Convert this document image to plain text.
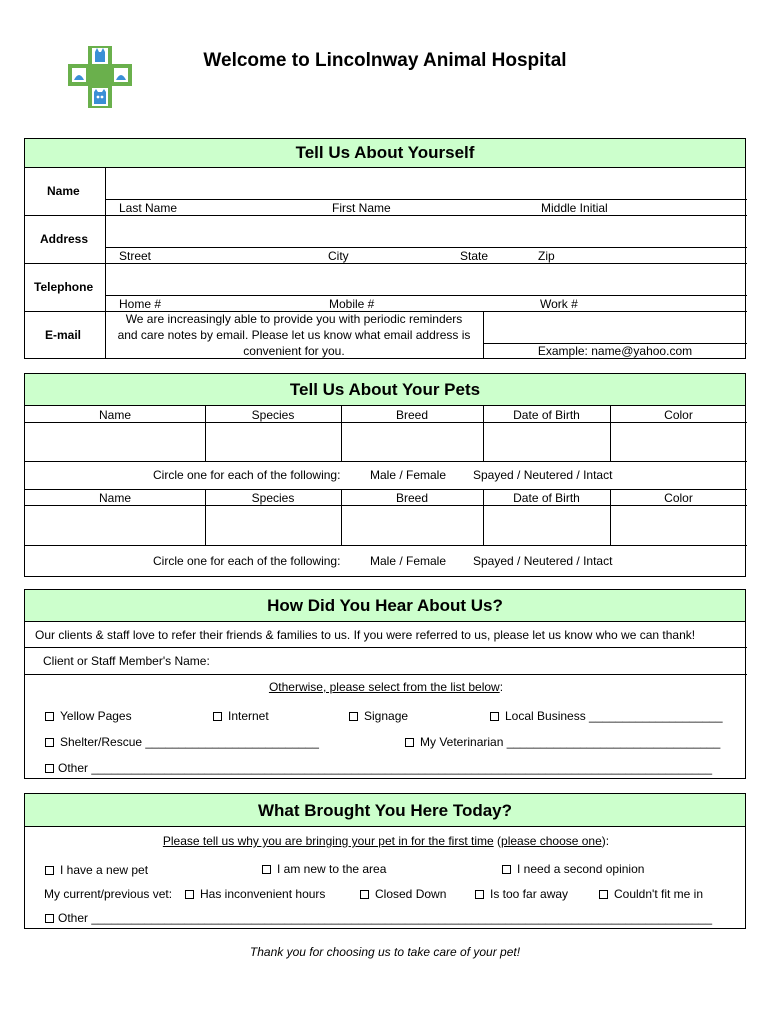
Welcome to Lincolnway Animal Hospital
Tell Us About Yourself
Name
Last Name	First Name	Middle Initial
Address
Street	City	State	Zip
Telephone
Home #	Mobile #	Work #
E-mail
We are increasingly able to provide you with periodic reminders
and care notes by email. Please let us know what email address is
convenient for you.	Example: name@yahoo.com
Tell Us About Your Pets
Name	Species	Breed	Date of Birth	Color
Circle one for each of the following: Male / Female Spayed / Neutered / Intact
Name	Species	Breed	Date of Birth	Color
Circle one for each of the following: Male / Female Spayed / Neutered / Intact
How Did You Hear About Us?
Our clients & staff love to refer their friends & families to us. If you were referred to us, please let us know who we can thank!
Client or Staff Member's Name:
Otherwise, please select from the list below:
Yellow Pages	Internet	Signage	Local Business ____________________
Shelter/Rescue __________________________	My Veterinarian ________________________________
Other _____________________________________________________________________________________________
What Brought You Here Today?
Please tell us why you are bringing your pet in for the first time (please choose one):
I have a new pet	I am new to the area	I need a second opinion
My current/previous vet:	Has inconvenient hours	Closed Down	Is too far away	Couldn't fit me in
Other _____________________________________________________________________________________________
Thank you for choosing us to take care of your pet!
